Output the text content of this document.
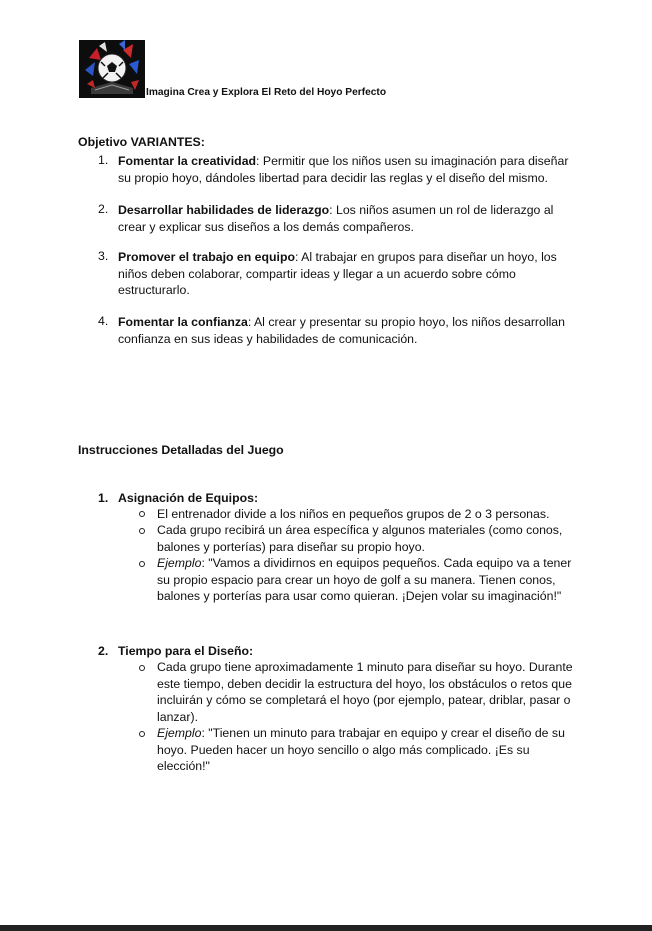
Imagina Crea y Explora El Reto del Hoyo Perfecto
Objetivo VARIANTES:
1. Fomentar la creatividad: Permitir que los niños usen su imaginación para diseñar su propio hoyo, dándoles libertad para decidir las reglas y el diseño del mismo.
2. Desarrollar habilidades de liderazgo: Los niños asumen un rol de liderazgo al crear y explicar sus diseños a los demás compañeros.
3. Promover el trabajo en equipo: Al trabajar en grupos para diseñar un hoyo, los niños deben colaborar, compartir ideas y llegar a un acuerdo sobre cómo estructurarlo.
4. Fomentar la confianza: Al crear y presentar su propio hoyo, los niños desarrollan confianza en sus ideas y habilidades de comunicación.
Instrucciones Detalladas del Juego
1. Asignación de Equipos:
El entrenador divide a los niños en pequeños grupos de 2 o 3 personas.
Cada grupo recibirá un área específica y algunos materiales (como conos, balones y porterías) para diseñar su propio hoyo.
Ejemplo: "Vamos a dividirnos en equipos pequeños. Cada equipo va a tener su propio espacio para crear un hoyo de golf a su manera. Tienen conos, balones y porterías para usar como quieran. ¡Dejen volar su imaginación!"
2. Tiempo para el Diseño:
Cada grupo tiene aproximadamente 1 minuto para diseñar su hoyo. Durante este tiempo, deben decidir la estructura del hoyo, los obstáculos o retos que incluirán y cómo se completará el hoyo (por ejemplo, patear, driblar, pasar o lanzar).
Ejemplo: "Tienen un minuto para trabajar en equipo y crear el diseño de su hoyo. Pueden hacer un hoyo sencillo o algo más complicado. ¡Es su elección!"
